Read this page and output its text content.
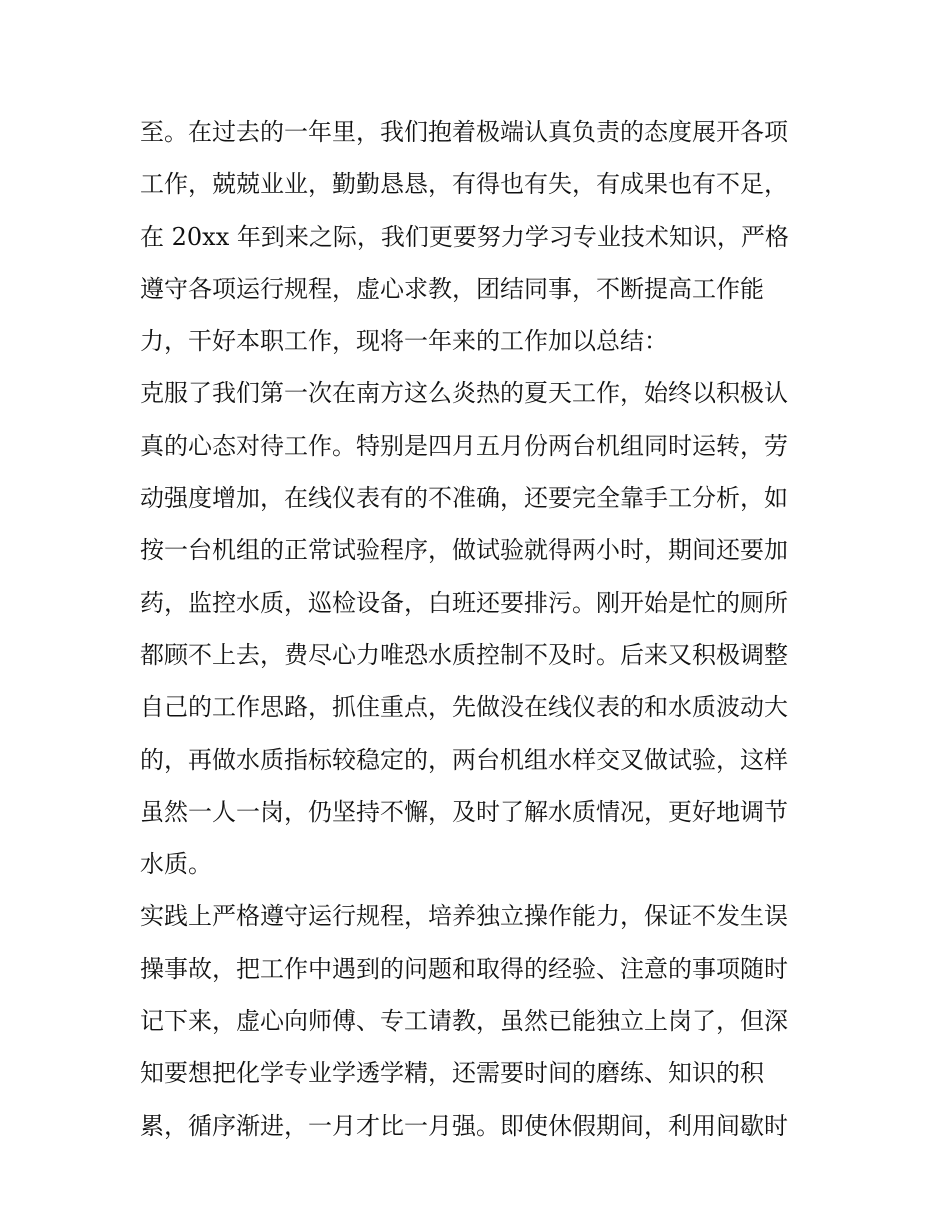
至。在过去的一年里，我们抱着极端认真负责的态度展开各项
工作，兢兢业业，勤勤恳恳，有得也有失，有成果也有不足，
在 20xx 年到来之际，我们更要努力学习专业技术知识，严格
遵守各项运行规程，虚心求教，团结同事，不断提高工作能
力，干好本职工作，现将一年来的工作加以总结：
克服了我们第一次在南方这么炎热的夏天工作，始终以积极认
真的心态对待工作。特别是四月五月份两台机组同时运转，劳
动强度增加，在线仪表有的不准确，还要完全靠手工分析，如
按一台机组的正常试验程序，做试验就得两小时，期间还要加
药，监控水质，巡检设备，白班还要排污。刚开始是忙的厕所
都顾不上去，费尽心力唯恐水质控制不及时。后来又积极调整
自己的工作思路，抓住重点，先做没在线仪表的和水质波动大
的，再做水质指标较稳定的，两台机组水样交叉做试验，这样
虽然一人一岗，仍坚持不懈，及时了解水质情况，更好地调节
水质。
实践上严格遵守运行规程，培养独立操作能力，保证不发生误
操事故，把工作中遇到的问题和取得的经验、注意的事项随时
记下来，虚心向师傅、专工请教，虽然已能独立上岗了，但深
知要想把化学专业学透学精，还需要时间的磨练、知识的积
累，循序渐进，一月才比一月强。即使休假期间，利用间歇时
